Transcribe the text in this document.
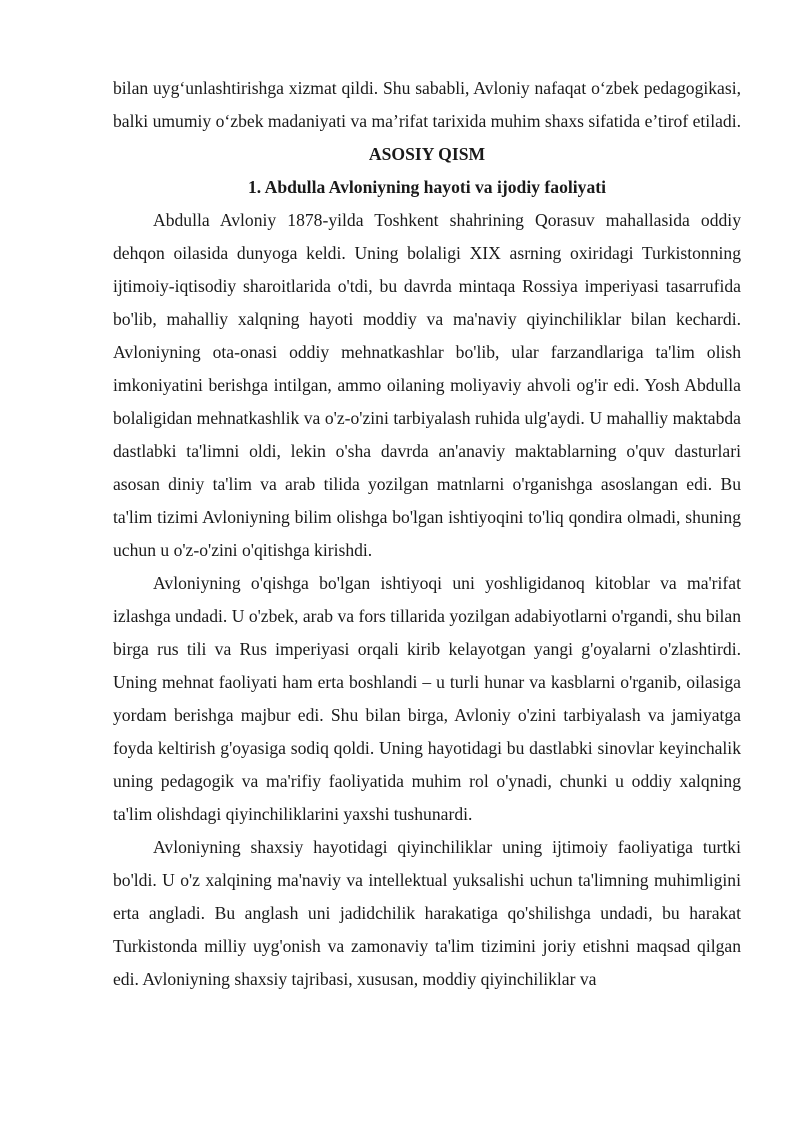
bilan uyg‘unlashtirishga xizmat qildi. Shu sababli, Avloniy nafaqat o‘zbek pedagogikasi, balki umumiy o‘zbek madaniyati va ma’rifat tarixida muhim shaxs sifatida e’tirof etiladi.

ASOSIY QISM
1. Abdulla Avloniyning hayoti va ijodiy faoliyati

Abdulla Avloniy 1878-yilda Toshkent shahrining Qorasuv mahallasida oddiy dehqon oilasida dunyoga keldi. Uning bolaligi XIX asrning oxiridagi Turkistonning ijtimoiy-iqtisodiy sharoitlarida o'tdi, bu davrda mintaqa Rossiya imperiyasi tasarrufida bo'lib, mahalliy xalqning hayoti moddiy va ma'naviy qiyinchiliklar bilan kechardi. Avloniyning ota-onasi oddiy mehnatkashlar bo'lib, ular farzandlariga ta'lim olish imkoniyatini berishga intilgan, ammo oilaning moliyaviy ahvoli og'ir edi. Yosh Abdulla bolaligidan mehnatkashlik va o'z-o'zini tarbiyalash ruhida ulg'aydi. U mahalliy maktabda dastlabki ta'limni oldi, lekin o'sha davrda an'anaviy maktablarning o'quv dasturlari asosan diniy ta'lim va arab tilida yozilgan matnlarni o'rganishga asoslangan edi. Bu ta'lim tizimi Avloniyning bilim olishga bo'lgan ishtiyoqini to'liq qondira olmadi, shuning uchun u o'z-o'zini o'qitishga kirishdi.

Avloniyning o'qishga bo'lgan ishtiyoqi uni yoshligidanoq kitoblar va ma'rifat izlashga undadi. U o'zbek, arab va fors tillarida yozilgan adabiyotlarni o'rgandi, shu bilan birga rus tili va Rus imperiyasi orqali kirib kelayotgan yangi g'oyalarni o'zlashtirdi. Uning mehnat faoliyati ham erta boshlandi – u turli hunar va kasblarni o'rganib, oilasiga yordam berishga majbur edi. Shu bilan birga, Avloniy o'zini tarbiyalash va jamiyatga foyda keltirish g'oyasiga sodiq qoldi. Uning hayotidagi bu dastlabki sinovlar keyinchalik uning pedagogik va ma'rifiy faoliyatida muhim rol o'ynadi, chunki u oddiy xalqning ta'lim olishdagi qiyinchiliklarini yaxshi tushunardi.

Avloniyning shaxsiy hayotidagi qiyinchiliklar uning ijtimoiy faoliyatiga turtki bo'ldi. U o'z xalqining ma'naviy va intellektual yuksalishi uchun ta'limning muhimligini erta angladi. Bu anglash uni jadidchilik harakatiga qo'shilishga undadi, bu harakat Turkistonda milliy uyg'onish va zamonaviy ta'lim tizimini joriy etishni maqsad qilgan edi. Avloniyning shaxsiy tajribasi, xususan, moddiy qiyinchiliklar va
